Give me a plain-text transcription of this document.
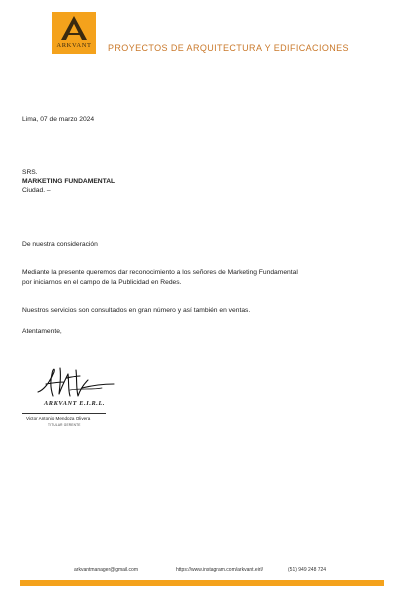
ARKVANT PROYECTOS DE ARQUITECTURA Y EDIFICACIONES
Lima, 07 de marzo 2024
SRS.
MARKETING FUNDAMENTAL
Ciudad. –
De nuestra consideración
Mediante la presente queremos dar reconocimiento a los señores de Marketing Fundamental
por iniciarnos en el campo de la Publicidad en Redes.
Nuestros servicios son consultados en gran número y así también en ventas.
Atentamente,
ARKVANT E.I.R.L.
Victor Antonio Mendoza Olivera
TITULAR GERENTE
arkvantmanager@gmail.com	https://www.instagram.com/arkvant.eirl/	(51) 949 248 724
